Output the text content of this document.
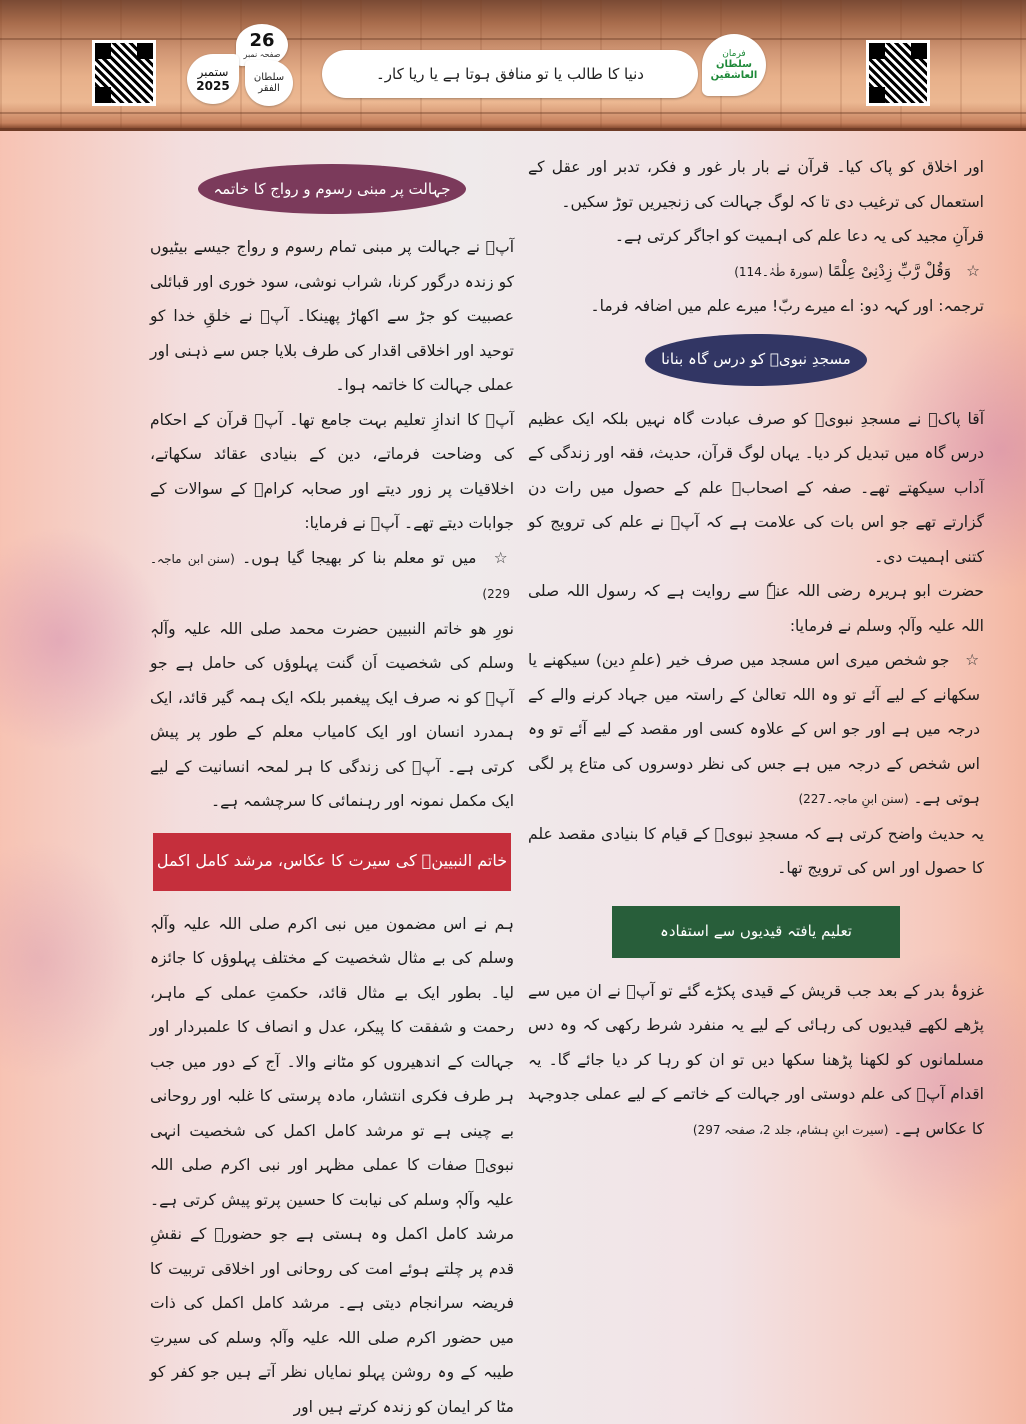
26
صفحہ نمبر
ستمبر
2025
سلطان الفقر
دنیا کا طالب یا تو منافق ہوتا ہے یا ریا کار۔
فرمان
سلطان العاشقین

اور اخلاق کو پاک کیا۔ قرآن نے بار بار غور و فکر، تدبر اور عقل کے استعمال کی ترغیب دی تا کہ لوگ جہالت کی زنجیریں توڑ سکیں۔

قرآنِ مجید کی یہ دعا علم کی اہمیت کو اجاگر کرتی ہے۔

☆ وَقُلْ رَّبِّ زِدْنِیْ عِلْمًا (سورۃ طٰہٰ۔114)

ترجمہ: اور کہہ دو: اے میرے ربّ! میرے علم میں اضافہ فرما۔

مسجدِ نبویؐ کو درس گاہ بنانا

آقا پاکؐ نے مسجدِ نبویؐ کو صرف عبادت گاہ نہیں بلکہ ایک عظیم درس گاہ میں تبدیل کر دیا۔ یہاں لوگ قرآن، حدیث، فقہ اور زندگی کے آداب سیکھتے تھے۔ صفہ کے اصحابؓ علم کے حصول میں رات دن گزارتے تھے جو اس بات کی علامت ہے کہ آپؐ نے علم کی ترویج کو کتنی اہمیت دی۔

حضرت ابو ہریرہ رضی اللہ عنہٗ سے روایت ہے کہ رسول اللہ صلی اللہ علیہ وآلہٖ وسلم نے فرمایا:

☆ جو شخص میری اس مسجد میں صرف خیر (علمِ دین) سیکھنے یا سکھانے کے لیے آئے تو وہ اللہ تعالیٰ کے راستہ میں جہاد کرنے والے کے درجہ میں ہے اور جو اس کے علاوہ کسی اور مقصد کے لیے آئے تو وہ اس شخص کے درجہ میں ہے جس کی نظر دوسروں کی متاع پر لگی ہوتی ہے۔ (سنن ابنِ ماجہ۔227)

یہ حدیث واضح کرتی ہے کہ مسجدِ نبویؐ کے قیام کا بنیادی مقصد علم کا حصول اور اس کی ترویج تھا۔

تعلیم یافتہ قیدیوں سے استفادہ

غزوۂ بدر کے بعد جب قریش کے قیدی پکڑے گئے تو آپؐ نے ان میں سے پڑھے لکھے قیدیوں کی رہائی کے لیے یہ منفرد شرط رکھی کہ وہ دس مسلمانوں کو لکھنا پڑھنا سکھا دیں تو ان کو رہا کر دیا جائے گا۔ یہ اقدام آپؐ کی علم دوستی اور جہالت کے خاتمے کے لیے عملی جدوجہد کا عکاس ہے۔ (سیرت ابنِ ہشام، جلد 2، صفحہ 297)

جہالت پر مبنی رسوم و رواج کا خاتمہ

آپؐ نے جہالت پر مبنی تمام رسوم و رواج جیسے بیٹیوں کو زندہ درگور کرنا، شراب نوشی، سود خوری اور قبائلی عصبیت کو جڑ سے اکھاڑ پھینکا۔ آپؐ نے خلقِ خدا کو توحید اور اخلاقی اقدار کی طرف بلایا جس سے ذہنی اور عملی جہالت کا خاتمہ ہوا۔

آپؐ کا اندازِ تعلیم بہت جامع تھا۔ آپؐ قرآن کے احکام کی وضاحت فرماتے، دین کے بنیادی عقائد سکھاتے، اخلاقیات پر زور دیتے اور صحابہ کرامؓ کے سوالات کے جوابات دیتے تھے۔ آپؐ نے فرمایا:

☆ میں تو معلم بنا کر بھیجا گیا ہوں۔ (سنن ابن ماجہ۔229)

نورِ ھو خاتم النبیین حضرت محمد صلی اللہ علیہ وآلہٖ وسلم کی شخصیت اَن گنت پہلوؤں کی حامل ہے جو آپؐ کو نہ صرف ایک پیغمبر بلکہ ایک ہمہ گیر قائد، ایک ہمدرد انسان اور ایک کامیاب معلم کے طور پر پیش کرتی ہے۔ آپؐ کی زندگی کا ہر لمحہ انسانیت کے لیے ایک مکمل نمونہ اور رہنمائی کا سرچشمہ ہے۔

خاتم النبیینؐ کی سیرت کا عکاس، مرشد کامل اکمل

ہم نے اس مضمون میں نبی اکرم صلی اللہ علیہ وآلہٖ وسلم کی بے مثال شخصیت کے مختلف پہلوؤں کا جائزہ لیا۔ بطور ایک بے مثال قائد، حکمتِ عملی کے ماہر، رحمت و شفقت کا پیکر، عدل و انصاف کا علمبردار اور جہالت کے اندھیروں کو مٹانے والا۔ آج کے دور میں جب ہر طرف فکری انتشار، مادہ پرستی کا غلبہ اور روحانی بے چینی ہے تو مرشد کامل اکمل کی شخصیت انہی نبویؐ صفات کا عملی مظہر اور نبی اکرم صلی اللہ علیہ وآلہٖ وسلم کی نیابت کا حسین پرتو پیش کرتی ہے۔ مرشد کامل اکمل وہ ہستی ہے جو حضورؐ کے نقشِ قدم پر چلتے ہوئے امت کی روحانی اور اخلاقی تربیت کا فریضہ سرانجام دیتی ہے۔ مرشد کامل اکمل کی ذات میں حضور اکرم صلی اللہ علیہ وآلہٖ وسلم کی سیرتِ طیبہ کے وہ روشن پہلو نمایاں نظر آتے ہیں جو کفر کو مٹا کر ایمان کو زندہ کرتے ہیں اور
